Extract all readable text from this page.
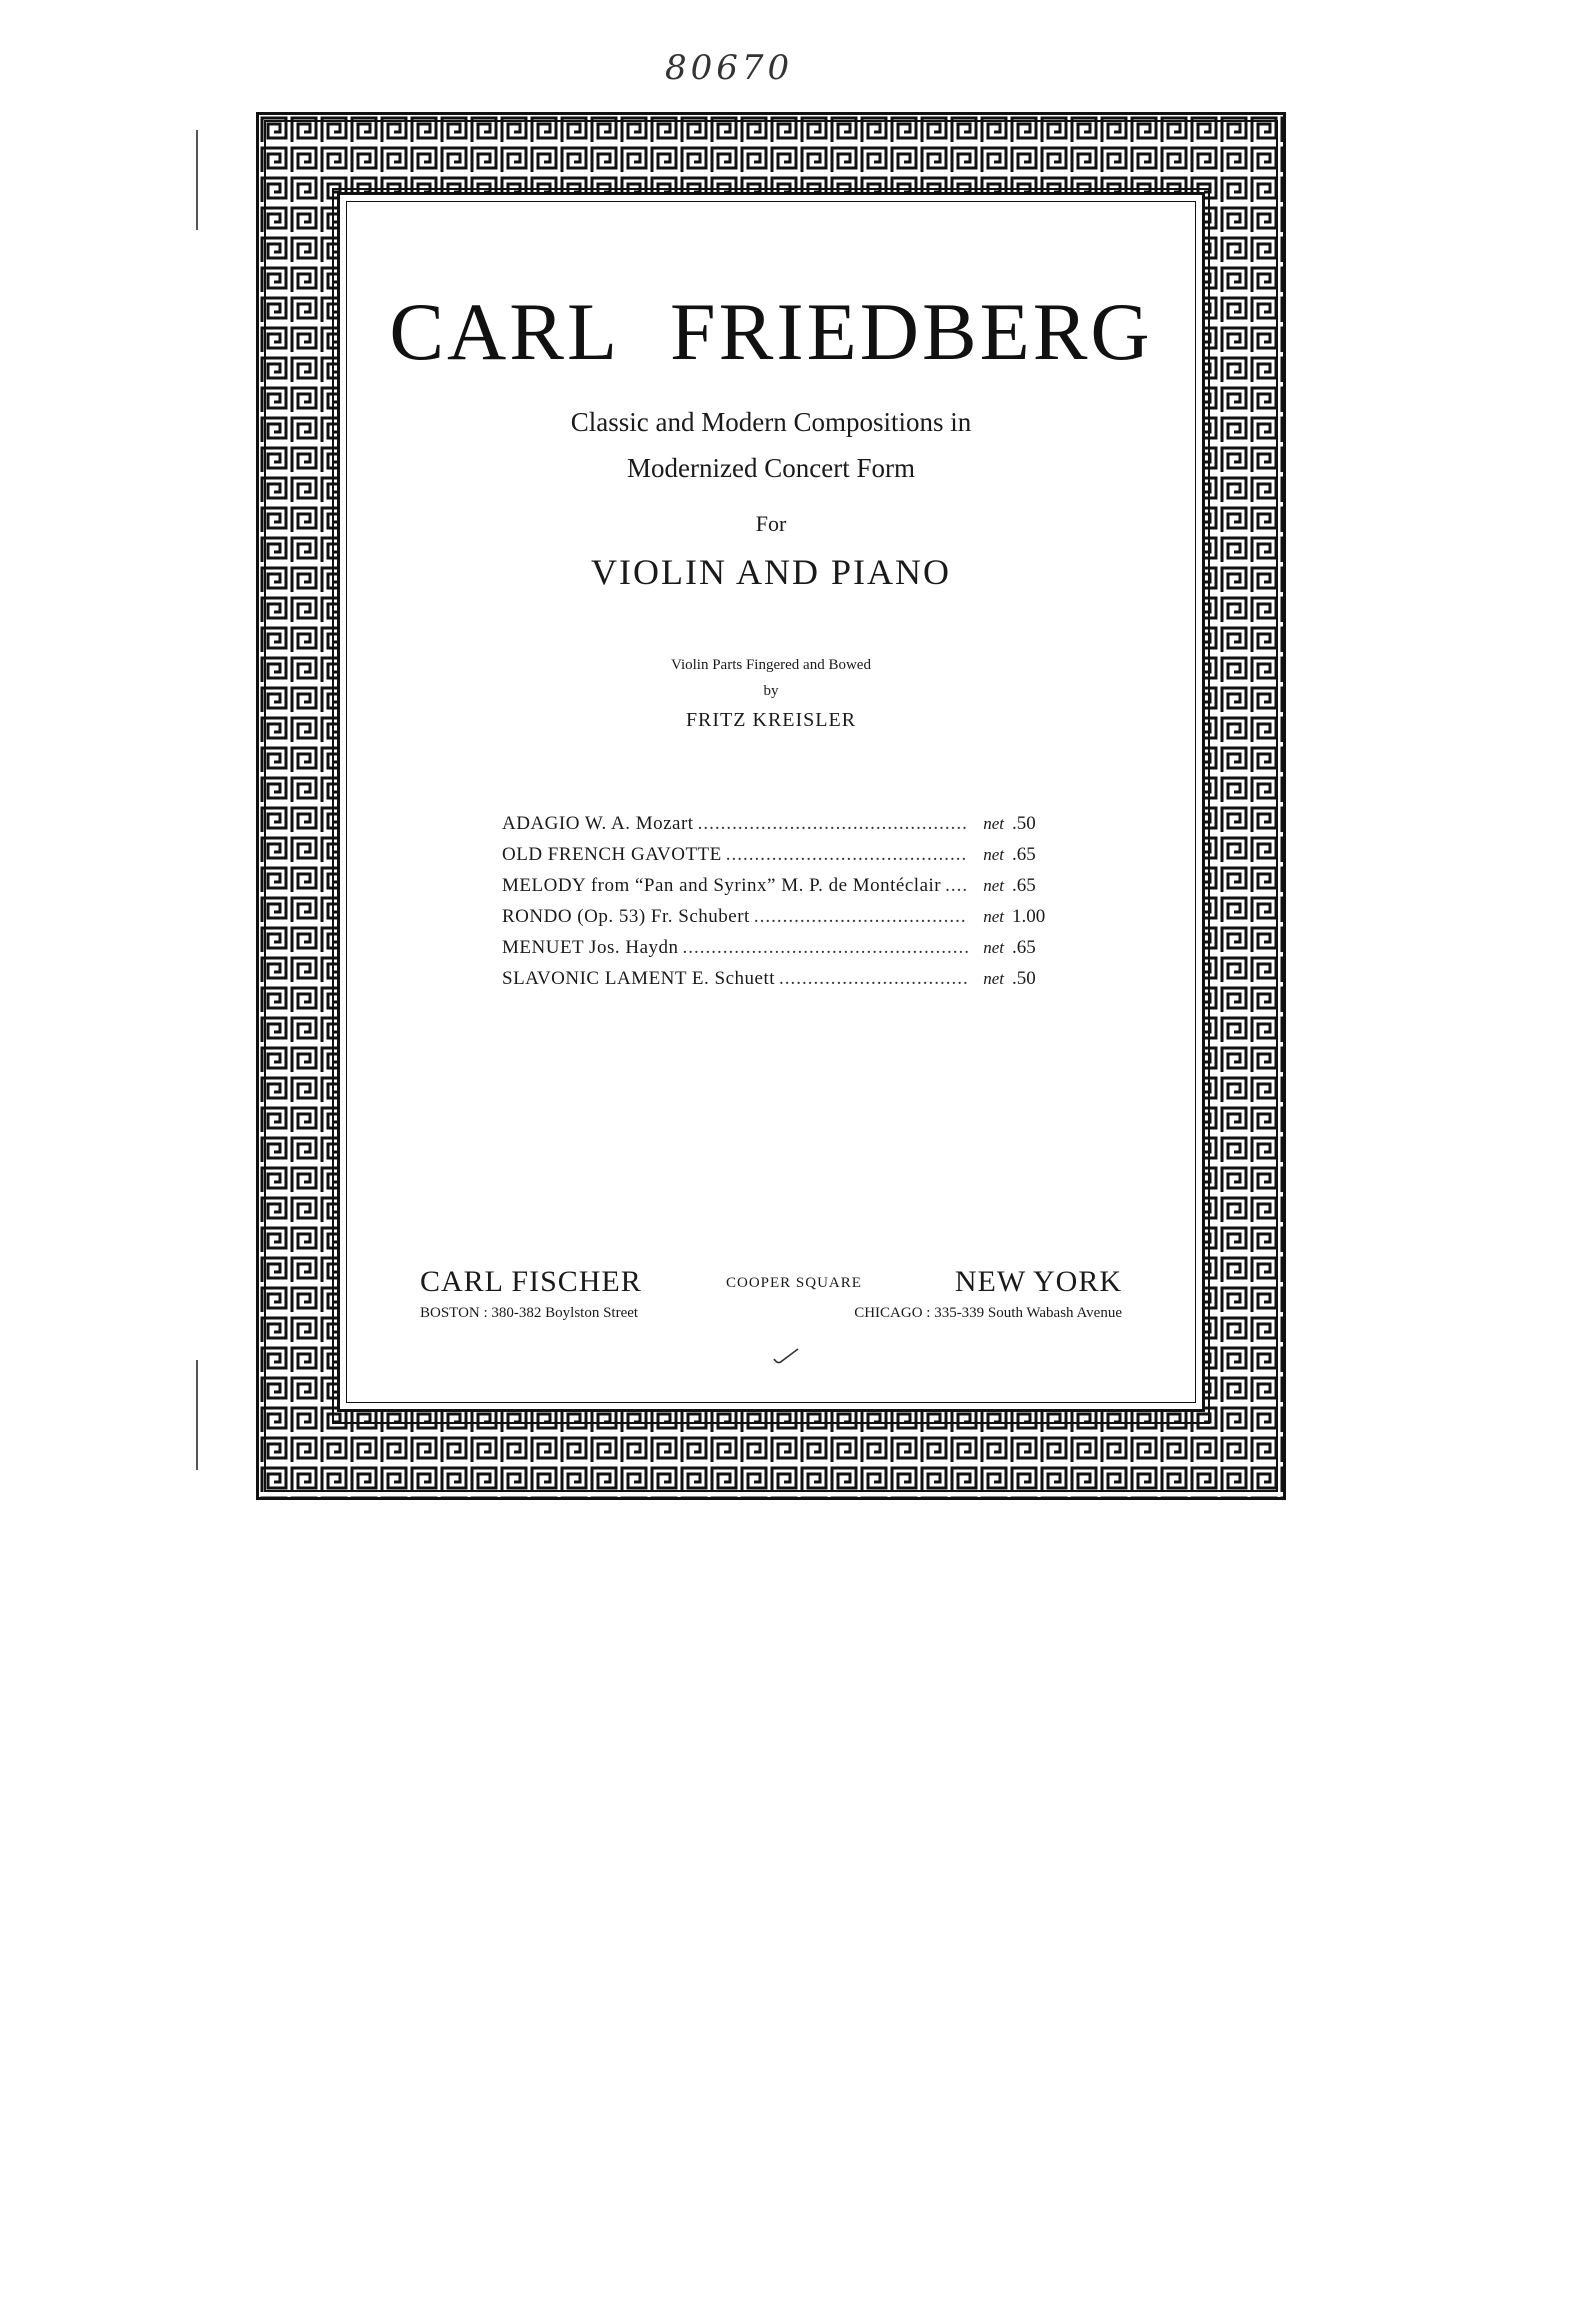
80670
CARL FRIEDBERG
Classic and Modern Compositions in
Modernized Concert Form
For
VIOLIN AND PIANO
Violin Parts Fingered and Bowed
by
FRITZ KREISLER
ADAGIO W. A. Mozart .....	net .50
OLD FRENCH GAVOTTE .....	net .65
MELODY from “Pan and Syrinx” M. P. de Montéclair .....	net .65
RONDO (Op. 53) Fr. Schubert .....	net 1.00
MENUET Jos. Haydn .....	net .65
SLAVONIC LAMENT E. Schuett .....	net .50
CARL FISCHER
BOSTON : 380-382 Boylston Street
COOPER SQUARE	NEW YORK
CHICAGO : 335-339 South Wabash Avenue
